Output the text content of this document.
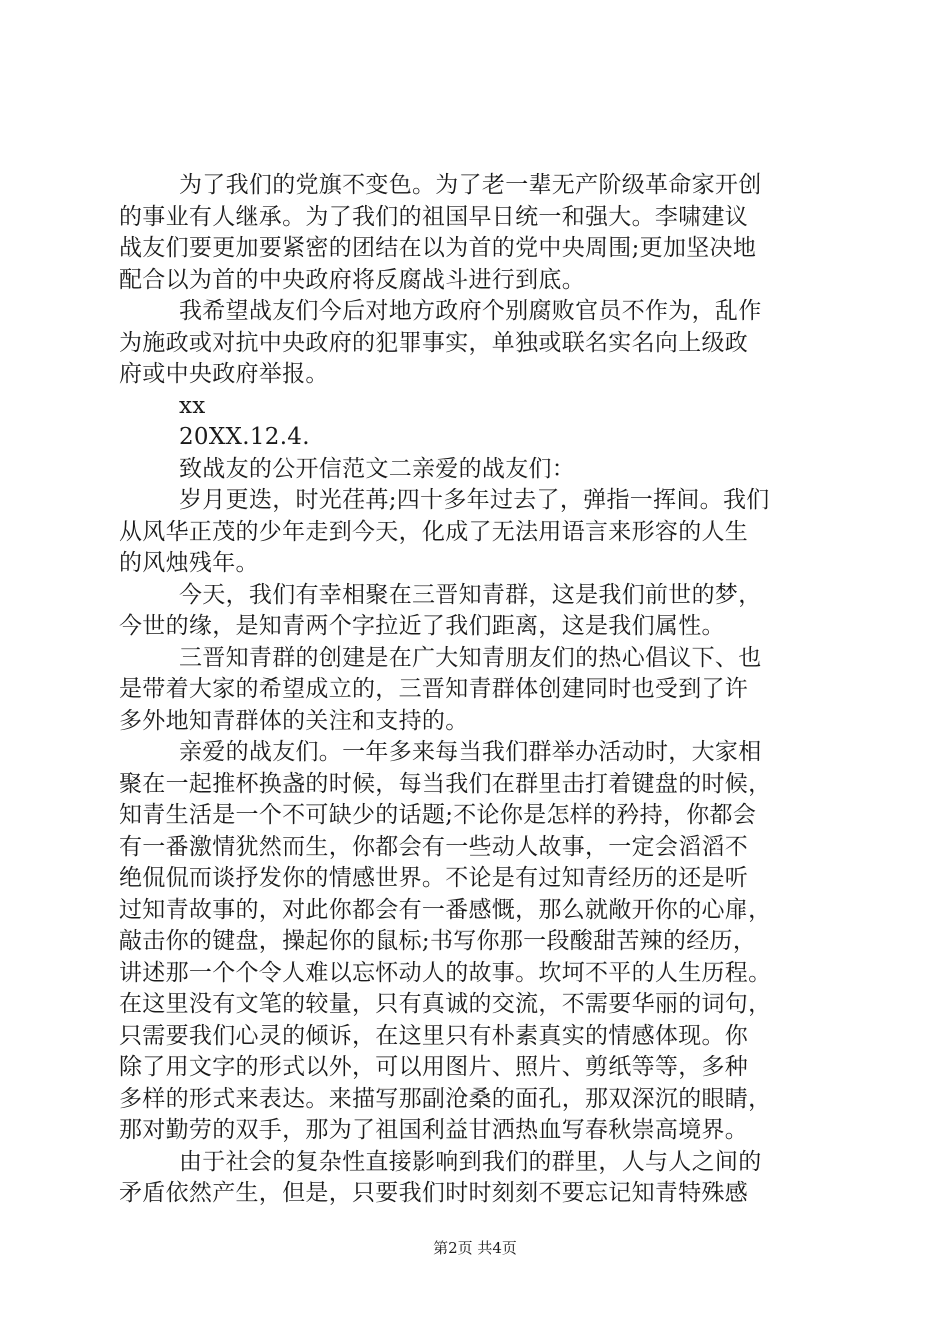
为了我们的党旗不变色。为了老一辈无产阶级革命家开创
的事业有人继承。为了我们的祖国早日统一和强大。李啸建议
战友们要更加要紧密的团结在以为首的党中央周围;更加坚决地
配合以为首的中央政府将反腐战斗进行到底。
我希望战友们今后对地方政府个别腐败官员不作为，乱作
为施政或对抗中央政府的犯罪事实，单独或联名实名向上级政
府或中央政府举报。
xx
20XX.12.4.
致战友的公开信范文二亲爱的战友们：
岁月更迭，时光荏苒;四十多年过去了，弹指一挥间。我们
从风华正茂的少年走到今天，化成了无法用语言来形容的人生
的风烛残年。
今天，我们有幸相聚在三晋知青群，这是我们前世的梦，
今世的缘，是知青两个字拉近了我们距离，这是我们属性。
三晋知青群的创建是在广大知青朋友们的热心倡议下、也
是带着大家的希望成立的，三晋知青群体创建同时也受到了许
多外地知青群体的关注和支持的。
亲爱的战友们。一年多来每当我们群举办活动时，大家相
聚在一起推杯换盏的时候，每当我们在群里击打着键盘的时候，
知青生活是一个不可缺少的话题;不论你是怎样的矜持，你都会
有一番激情犹然而生，你都会有一些动人故事，一定会滔滔不
绝侃侃而谈抒发你的情感世界。不论是有过知青经历的还是听
过知青故事的，对此你都会有一番感慨，那么就敞开你的心扉，
敲击你的键盘，操起你的鼠标;书写你那一段酸甜苦辣的经历，
讲述那一个个令人难以忘怀动人的故事。坎坷不平的人生历程。
在这里没有文笔的较量，只有真诚的交流，不需要华丽的词句，
只需要我们心灵的倾诉，在这里只有朴素真实的情感体现。你
除了用文字的形式以外，可以用图片、照片、剪纸等等，多种
多样的形式来表达。来描写那副沧桑的面孔，那双深沉的眼睛，
那对勤劳的双手，那为了祖国利益甘洒热血写春秋崇高境界。
由于社会的复杂性直接影响到我们的群里，人与人之间的
矛盾依然产生，但是，只要我们时时刻刻不要忘记知青特殊感
第2页 共4页
